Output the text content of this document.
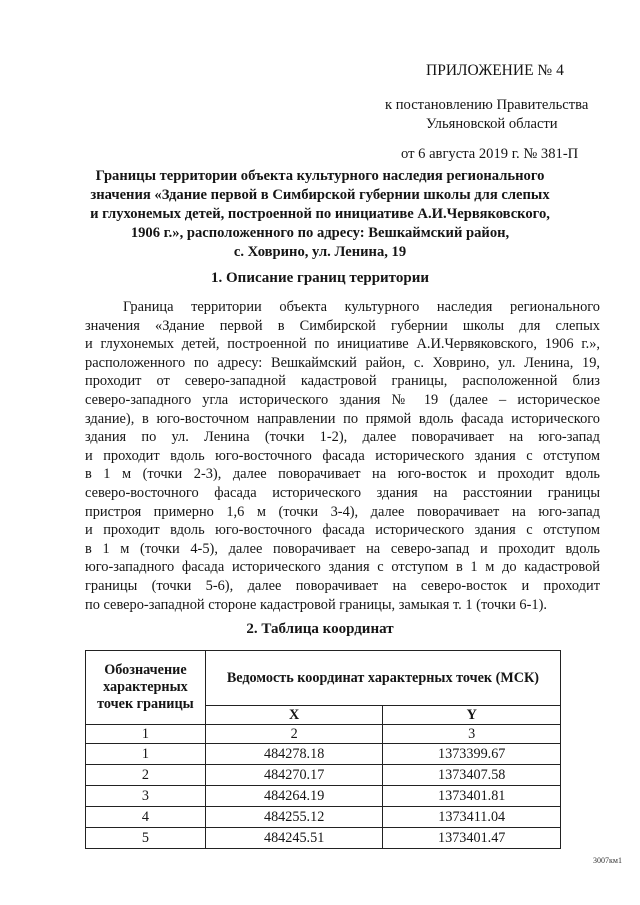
ПРИЛОЖЕНИЕ № 4
к постановлению Правительства
Ульяновской области
от 6 августа 2019 г. № 381-П
Границы территории объекта культурного наследия регионального
значения «Здание первой в Симбирской губернии школы для слепых
и глухонемых детей, построенной по инициативе А.И.Червяковского,
1906 г.», расположенного по адресу: Вешкаймский район,
с. Ховрино, ул. Ленина, 19
1. Описание границ территории
Граница территории объекта культурного наследия регионального
значения «Здание первой в Симбирской губернии школы для слепых
и глухонемых детей, построенной по инициативе А.И.Червяковского, 1906 г.»,
расположенного по адресу: Вешкаймский район, с. Ховрино, ул. Ленина, 19,
проходит от северо-западной кадастровой границы, расположенной близ
северо-западного угла исторического здания № 19 (далее – историческое
здание), в юго-восточном направлении по прямой вдоль фасада исторического
здания по ул. Ленина (точки 1-2), далее поворачивает на юго-запад
и проходит вдоль юго-восточного фасада исторического здания с отступом
в 1 м (точки 2-3), далее поворачивает на юго-восток и проходит вдоль
северо-восточного фасада исторического здания на расстоянии границы
пристроя примерно 1,6 м (точки 3-4), далее поворачивает на юго-запад
и проходит вдоль юго-восточного фасада исторического здания с отступом
в 1 м (точки 4-5), далее поворачивает на северо-запад и проходит вдоль
юго-западного фасада исторического здания с отступом в 1 м до кадастровой
границы (точки 5-6), далее поворачивает на северо-восток и проходит
по северо-западной стороне кадастровой границы, замыкая т. 1 (точки 6-1).
2. Таблица координат
Обозначение
характерных
точек границы	Ведомость координат характерных точек (МСК)	
	X	Y
1	2	3
1	484278.18	1373399.67
2	484270.17	1373407.58
3	484264.19	1373401.81
4	484255.12	1373411.04
5	484245.51	1373401.47
3007км1
